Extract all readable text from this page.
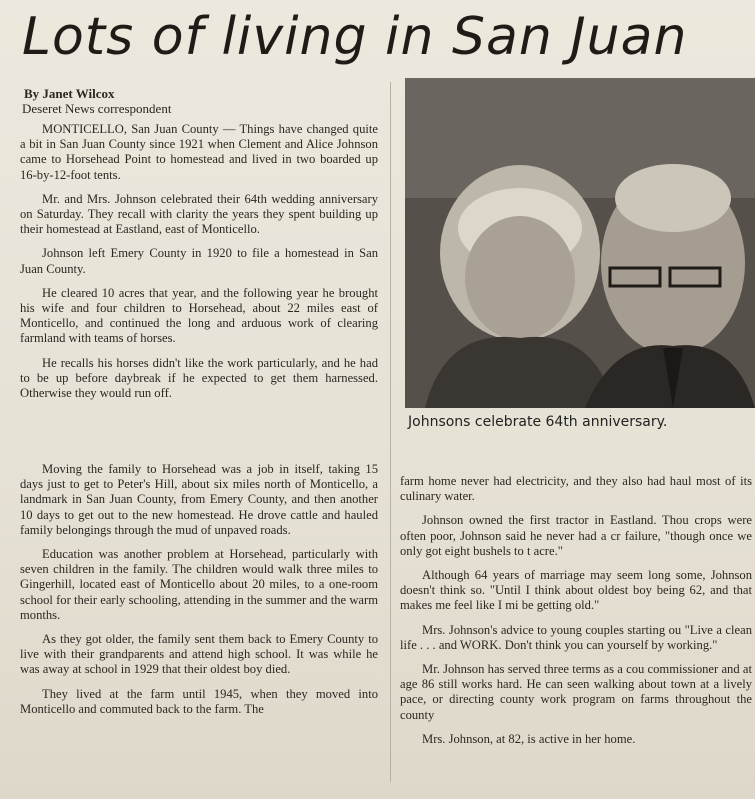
Lots of living in San Juan
By Janet Wilcox
Deseret News correspondent

MONTICELLO, San Juan County — Things have changed quite a bit in San Juan County since 1921 when Clement and Alice Johnson came to Horsehead Point to homestead and lived in two boarded up 16-by-12-foot tents.

Mr. and Mrs. Johnson celebrated their 64th wedding anniversary on Saturday. They recall with clarity the years they spent building up their homestead at Eastland, east of Monticello.

Johnson left Emery County in 1920 to file a homestead in San Juan County.

He cleared 10 acres that year, and the following year he brought his wife and four children to Horsehead, about 22 miles east of Monticello, and continued the long and arduous work of clearing farmland with teams of horses.

He recalls his horses didn't like the work particularly, and he had to be up before daybreak if he expected to get them harnessed. Otherwise they would run off.

Moving the family to Horsehead was a job in itself, taking 15 days just to get to Peter's Hill, about six miles north of Monticello, a landmark in San Juan County, from Emery County, and then another 10 days to get out to the new homestead. He drove cattle and hauled family belongings through the mud of unpaved roads.

Education was another problem at Horsehead, particularly with seven children in the family. The children would walk three miles to Gingerhill, located east of Monticello about 20 miles, to a one-room school for their early schooling, attending in the summer and the warm months.

As they got older, the family sent them back to Emery County to live with their grandparents and attend high school. It was while he was away at school in 1929 that their oldest boy died.

They lived at the farm until 1945, when they moved into Monticello and commuted back to the farm. The

Johnsons celebrate 64th anniversary.

farm home never had electricity, and they also had haul most of its culinary water.

Johnson owned the first tractor in Eastland. Thou crops were often poor, Johnson said he never had a cr failure, "though once we only got eight bushels to t acre."

Although 64 years of marriage may seem long some, Johnson doesn't think so. "Until I think about oldest boy being 62, and that makes me feel like I mi be getting old."

Mrs. Johnson's advice to young couples starting ou "Live a clean life . . . and WORK. Don't think you can yourself by working."

Mr. Johnson has served three terms as a cou commissioner and at age 86 still works hard. He can seen walking about town at a lively pace, or directing county work program on farms throughout the county

Mrs. Johnson, at 82, is active in her home.
